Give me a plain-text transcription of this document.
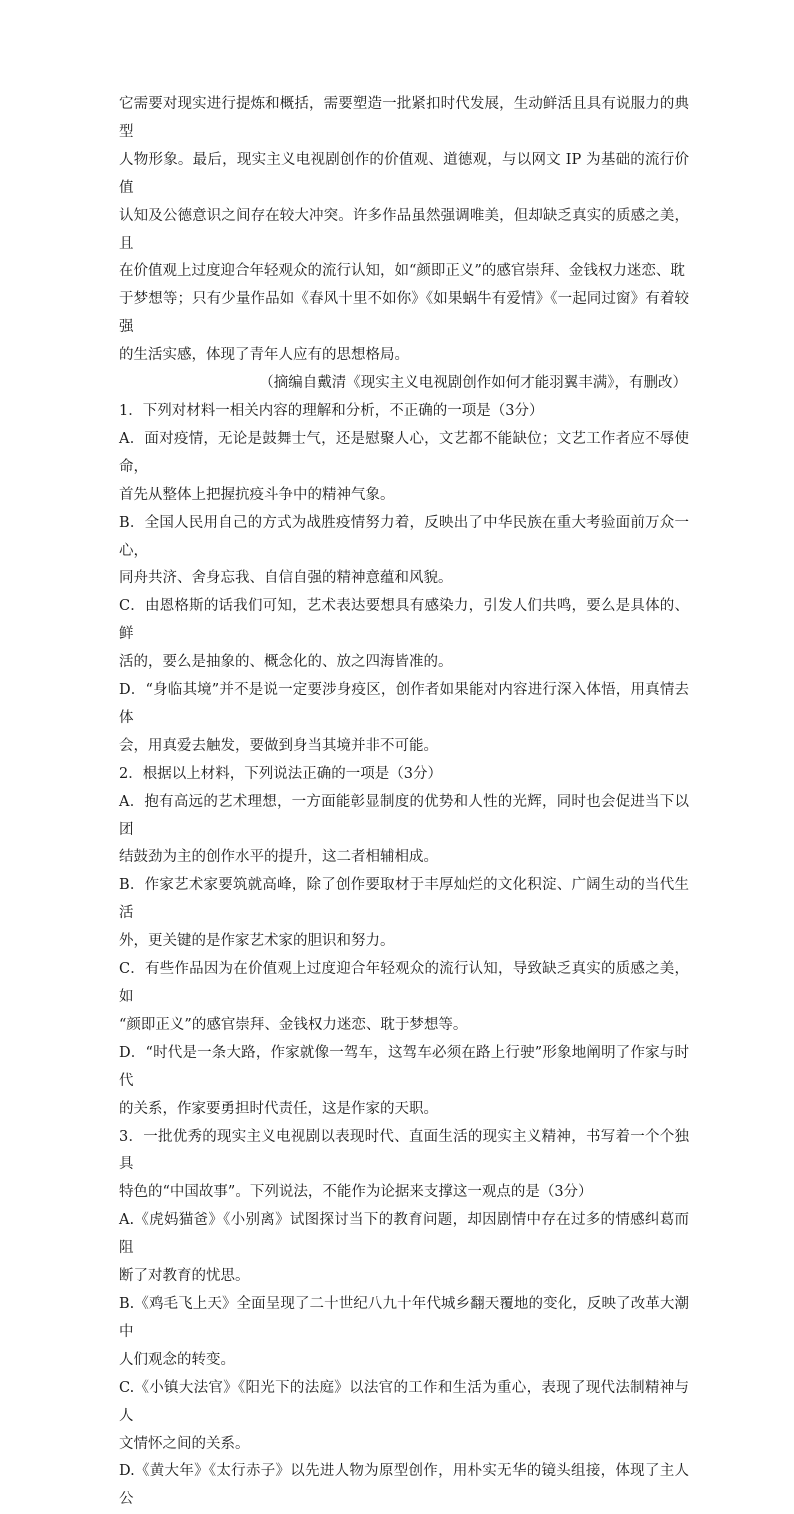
它需要对现实进行提炼和概括，需要塑造一批紧扣时代发展，生动鲜活且具有说服力的典型

人物形象。最后，现实主义电视剧创作的价值观、道德观，与以网文 IP 为基础的流行价值

认知及公德意识之间存在较大冲突。许多作品虽然强调唯美，但却缺乏真实的质感之美，且

在价值观上过度迎合年轻观众的流行认知，如“颜即正义”的感官崇拜、金钱权力迷恋、耽

于梦想等；只有少量作品如《春风十里不如你》《如果蜗牛有爱情》《一起同过窗》有着较强

的生活实感，体现了青年人应有的思想格局。

（摘编自戴清《现实主义电视剧创作如何才能羽翼丰满》，有删改）

1．下列对材料一相关内容的理解和分析，不正确的一项是（3分）

A．面对疫情，无论是鼓舞士气，还是慰聚人心，文艺都不能缺位；文艺工作者应不辱使命，

首先从整体上把握抗疫斗争中的精神气象。

B．全国人民用自己的方式为战胜疫情努力着，反映出了中华民族在重大考验面前万众一心，

同舟共济、舍身忘我、自信自强的精神意蕴和风貌。

C．由恩格斯的话我们可知，艺术表达要想具有感染力，引发人们共鸣，要么是具体的、鲜

活的，要么是抽象的、概念化的、放之四海皆准的。

D．“身临其境”并不是说一定要涉身疫区，创作者如果能对内容进行深入体悟，用真情去体

会，用真爱去触发，要做到身当其境并非不可能。

2．根据以上材料，下列说法正确的一项是（3分）

A．抱有高远的艺术理想，一方面能彰显制度的优势和人性的光辉，同时也会促进当下以团

结鼓劲为主的创作水平的提升，这二者相辅相成。

B．作家艺术家要筑就高峰，除了创作要取材于丰厚灿烂的文化积淀、广阔生动的当代生活

外，更关键的是作家艺术家的胆识和努力。

C．有些作品因为在价值观上过度迎合年轻观众的流行认知，导致缺乏真实的质感之美，如

“颜即正义”的感官崇拜、金钱权力迷恋、耽于梦想等。

D．“时代是一条大路，作家就像一驾车，这驾车必须在路上行驶”形象地阐明了作家与时代

的关系，作家要勇担时代责任，这是作家的天职。

3．一批优秀的现实主义电视剧以表现时代、直面生活的现实主义精神，书写着一个个独具

特色的“中国故事”。下列说法，不能作为论据来支撑这一观点的是（3分）

A.《虎妈猫爸》《小别离》试图探讨当下的教育问题，却因剧情中存在过多的情感纠葛而阻

断了对教育的忧思。

B.《鸡毛飞上天》全面呈现了二十世纪八九十年代城乡翻天覆地的变化，反映了改革大潮中

人们观念的转变。

C.《小镇大法官》《阳光下的法庭》以法官的工作和生活为重心，表现了现代法制精神与人

文情怀之间的关系。

D.《黄大年》《太行赤子》以先进人物为原型创作，用朴实无华的镜头组接，体现了主人公
